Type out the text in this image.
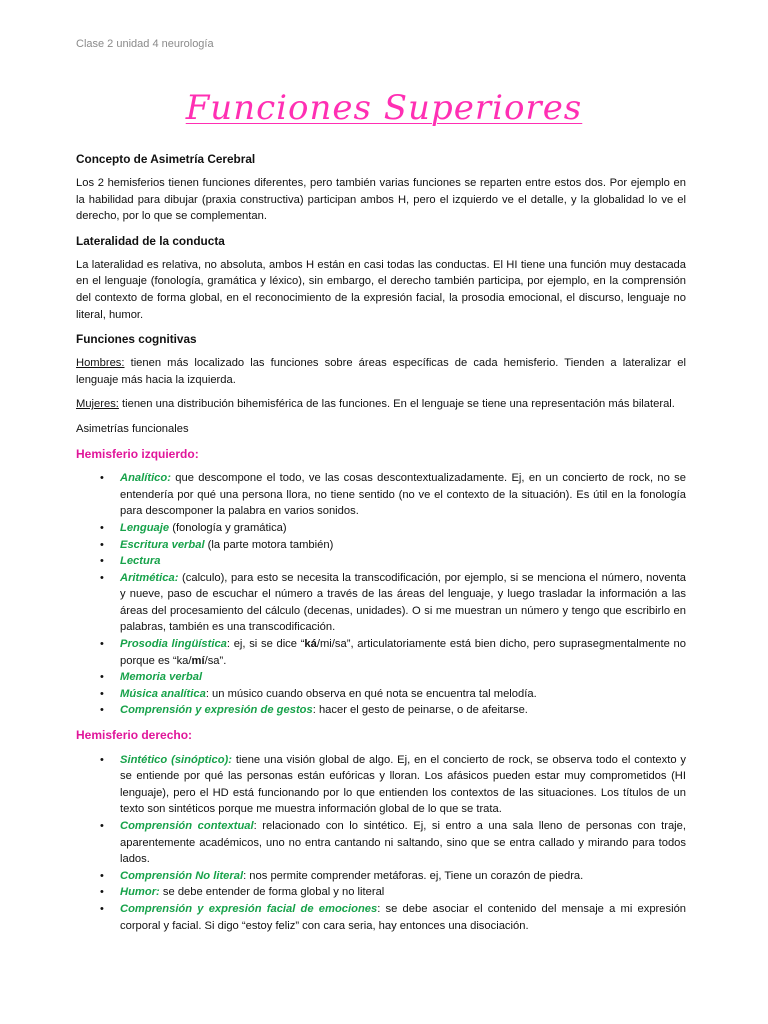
Clase 2 unidad 4 neurología
Funciones Superiores
Concepto de Asimetría Cerebral

Los 2 hemisferios tienen funciones diferentes, pero también varias funciones se reparten entre estos dos. Por ejemplo en la habilidad para dibujar (praxia constructiva) participan ambos H, pero el izquierdo ve el detalle, y la globalidad lo ve el derecho, por lo que se complementan.

Lateralidad de la conducta

La lateralidad es relativa, no absoluta, ambos H están en casi todas las conductas. El HI tiene una función muy destacada en el lenguaje (fonología, gramática y léxico), sin embargo, el derecho también participa, por ejemplo, en la comprensión del contexto de forma global, en el reconocimiento de la expresión facial, la prosodia emocional, el discurso, lenguaje no literal, humor.

Funciones cognitivas

Hombres: tienen más localizado las funciones sobre áreas específicas de cada hemisferio. Tienden a lateralizar el lenguaje más hacia la izquierda.

Mujeres: tienen una distribución bihemisférica de las funciones. En el lenguaje se tiene una representación más bilateral.

Asimetrías funcionales

Hemisferio izquierdo:
• Analítico: que descompone el todo, ve las cosas descontextualizadamente. Ej, en un concierto de rock, no se entendería por qué una persona llora, no tiene sentido (no ve el contexto de la situación). Es útil en la fonología para descomponer la palabra en varios sonidos.
• Lenguaje (fonología y gramática)
• Escritura verbal (la parte motora también)
• Lectura
• Aritmética: (calculo), para esto se necesita la transcodificación, por ejemplo, si se menciona el número, noventa y nueve, paso de escuchar el número a través de las áreas del lenguaje, y luego trasladar la información a las áreas del procesamiento del cálculo (decenas, unidades). O si me muestran un número y tengo que escribirlo en palabras, también es una transcodificación.
• Prosodia lingüística: ej, si se dice “ká/mi/sa”, articulatoriamente está bien dicho, pero suprasegmentalmente no porque es “ka/mí/sa”.
• Memoria verbal
• Música analítica: un músico cuando observa en qué nota se encuentra tal melodía.
• Comprensión y expresión de gestos: hacer el gesto de peinarse, o de afeitarse.
Hemisferio derecho:
• Sintético (sinóptico): tiene una visión global de algo. Ej, en el concierto de rock, se observa todo el contexto y se entiende por qué las personas están eufóricas y lloran. Los afásicos pueden estar muy comprometidos (HI lenguaje), pero el HD está funcionando por lo que entienden los contextos de las situaciones. Los títulos de un texto son sintéticos porque me muestra información global de lo que se trata.
• Comprensión contextual: relacionado con lo sintético. Ej, si entro a una sala lleno de personas con traje, aparentemente académicos, uno no entra cantando ni saltando, sino que se entra callado y mirando para todos lados.
• Comprensión No literal: nos permite comprender metáforas. ej, Tiene un corazón de piedra.
• Humor: se debe entender de forma global y no literal
• Comprensión y expresión facial de emociones: se debe asociar el contenido del mensaje a mi expresión corporal y facial. Si digo “estoy feliz” con cara seria, hay entonces una disociación.
